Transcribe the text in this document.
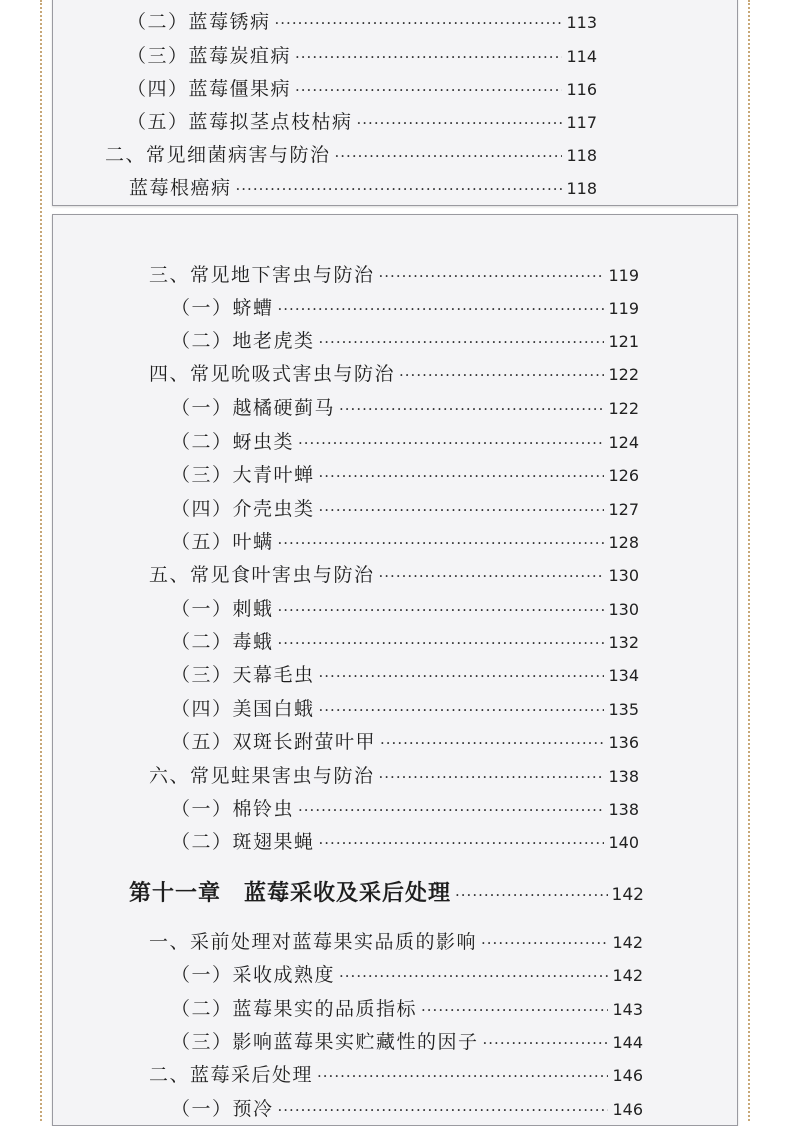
（二）蓝莓锈病 ·····	113
（三）蓝莓炭疽病 ·····	114
（四）蓝莓僵果病 ·····	116
（五）蓝莓拟茎点枝枯病 ·····	117
二、常见细菌病害与防治 ·····	118
蓝莓根癌病 ·····	118
三、常见地下害虫与防治 ·····	119
（一）蛴螬 ·····	119
（二）地老虎类 ·····	121
四、常见吮吸式害虫与防治 ·····	122
（一）越橘硬蓟马 ·····	122
（二）蚜虫类 ·····	124
（三）大青叶蝉 ·····	126
（四）介壳虫类 ·····	127
（五）叶螨 ·····	128
五、常见食叶害虫与防治 ·····	130
（一）刺蛾 ·····	130
（二）毒蛾 ·····	132
（三）天幕毛虫 ·····	134
（四）美国白蛾 ·····	135
（五）双斑长跗萤叶甲 ·····	136
六、常见蛀果害虫与防治 ·····	138
（一）棉铃虫 ·····	138
（二）斑翅果蝇 ·····	140
第十一章　蓝莓采收及采后处理 ·····	142
一、采前处理对蓝莓果实品质的影响 ·····	142
（一）采收成熟度 ·····	142
（二）蓝莓果实的品质指标 ·····	143
（三）影响蓝莓果实贮藏性的因子 ·····	144
二、蓝莓采后处理 ·····	146
（一）预冷 ·····	146
